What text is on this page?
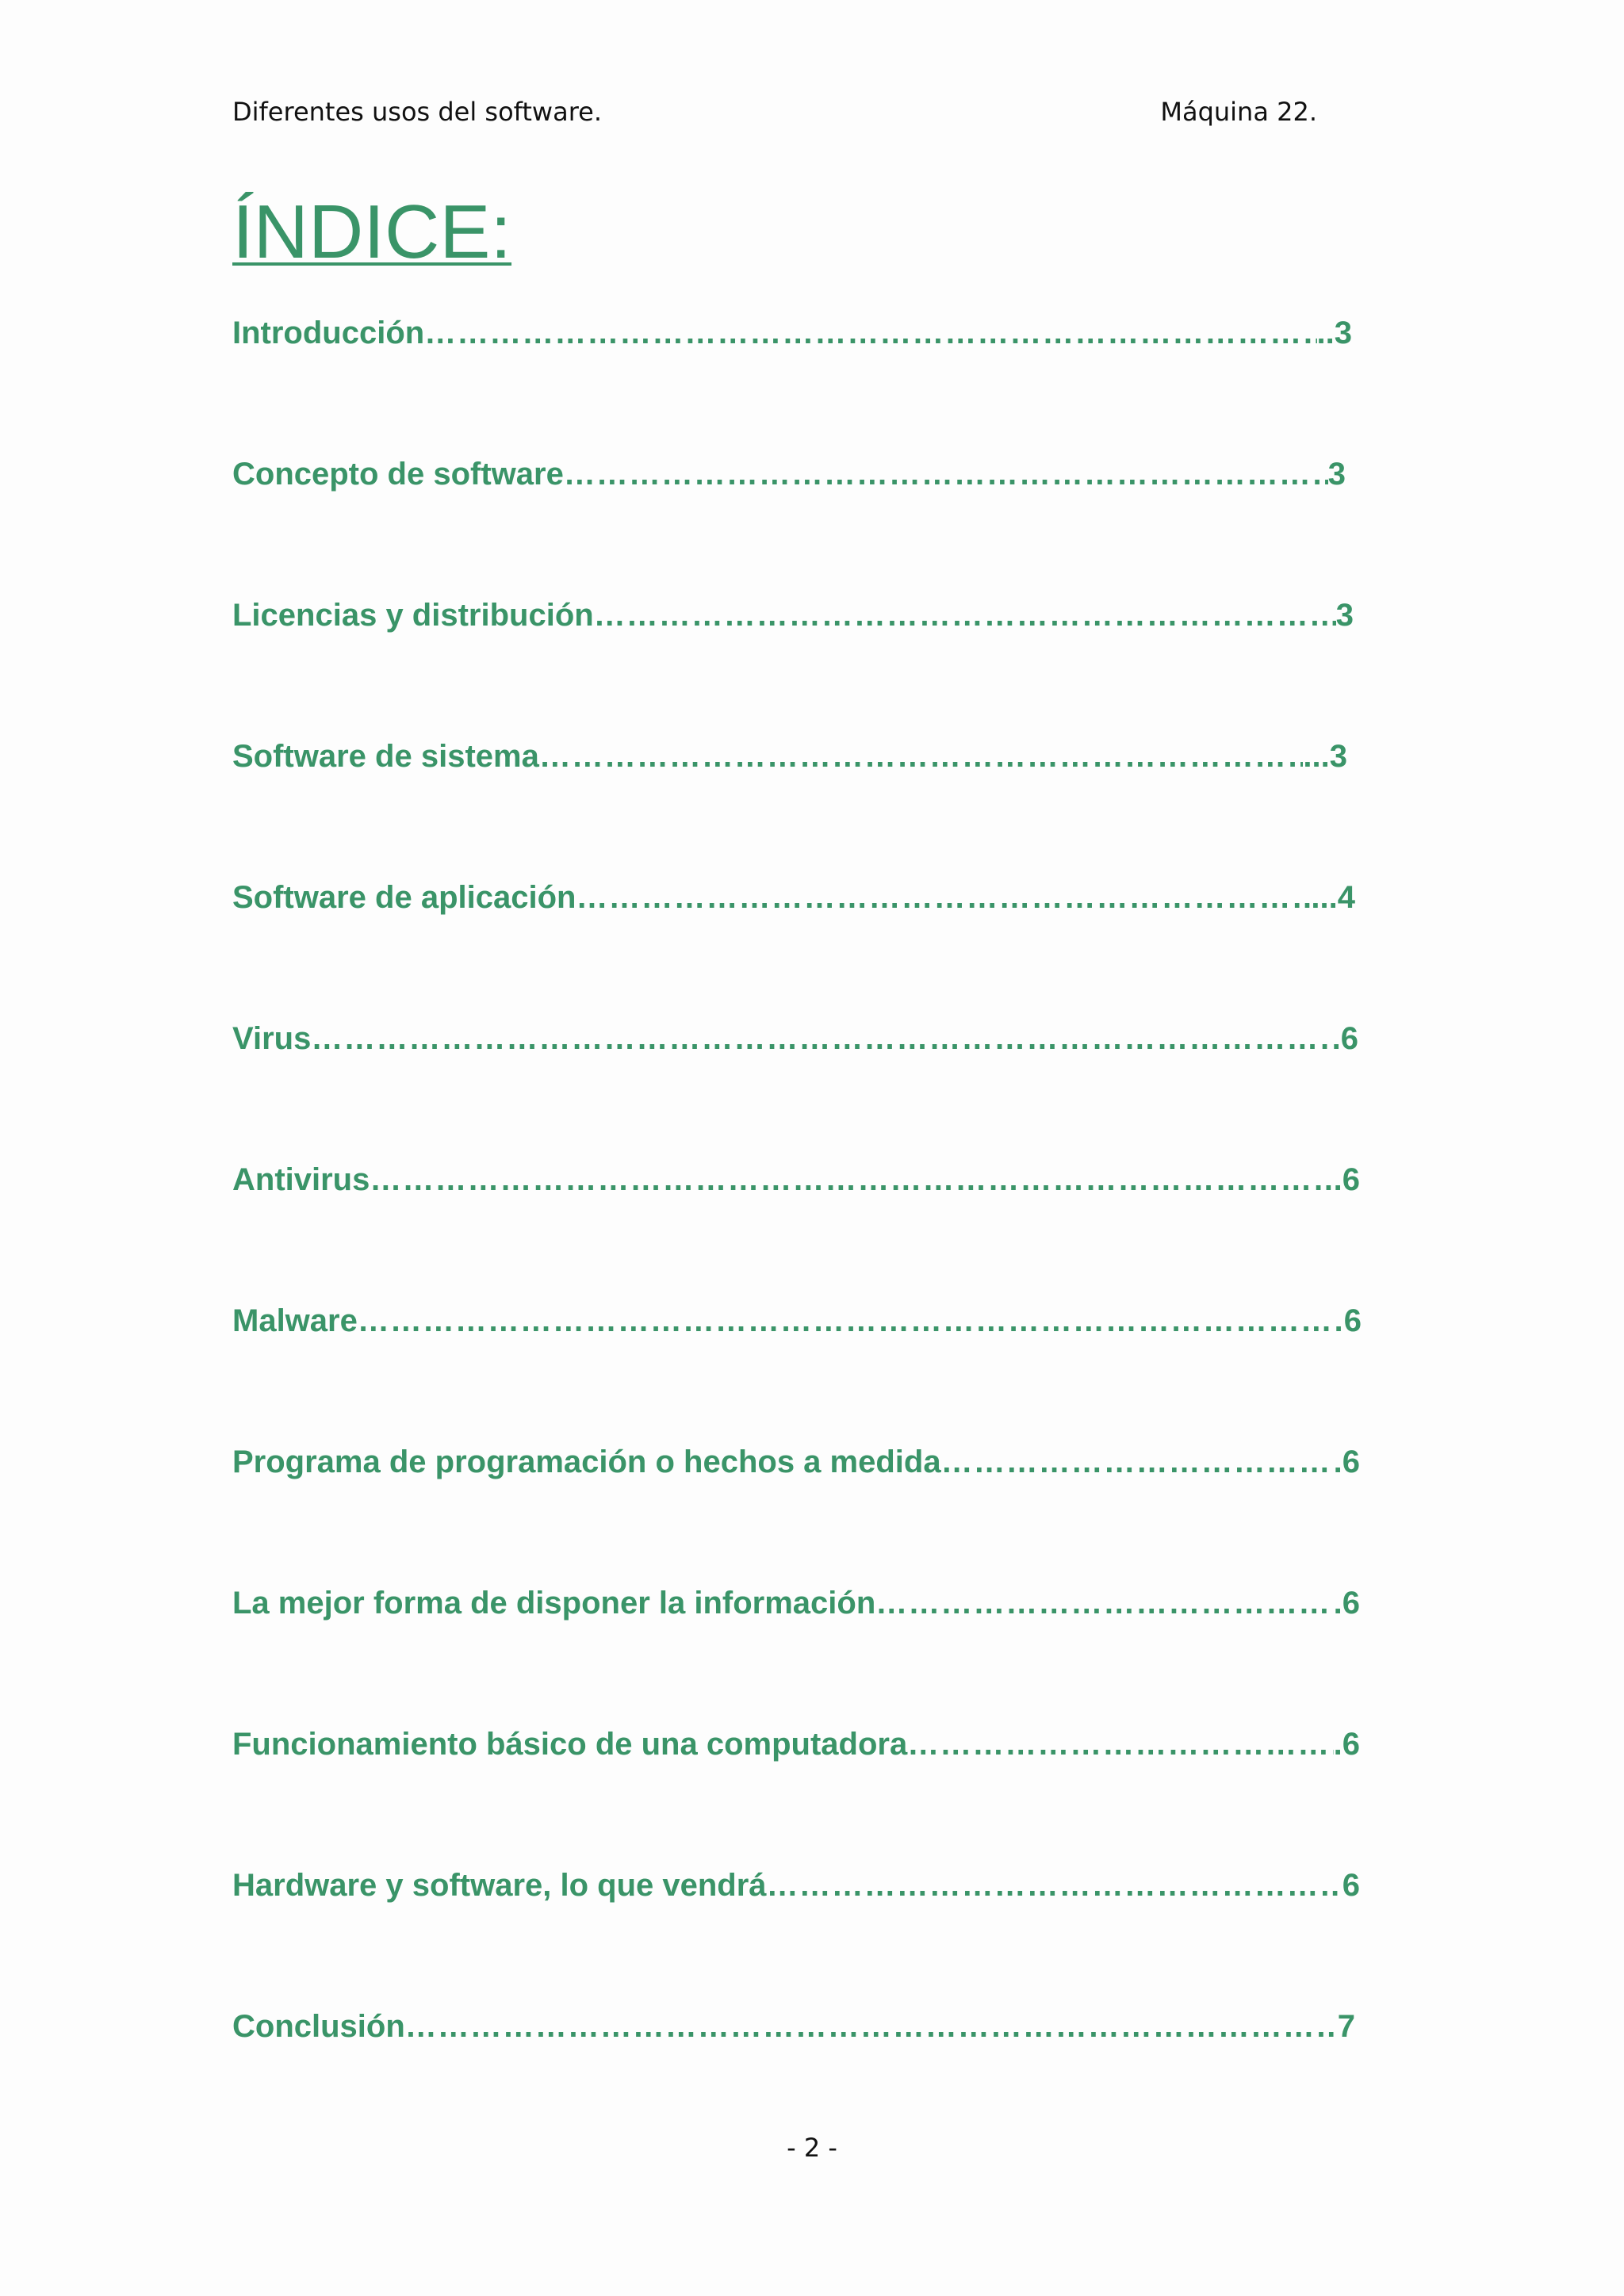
Diferentes usos del software.	Máquina 22.
ÍNDICE:
Introducción ………………………………………………………………………………………………………………………………………………………………………………………………………………………………………………	..3
Concepto de software ………………………………………………………………………………………………………………………………………………………………………………………………………………………………………………	3
Licencias y distribución ………………………………………………………………………………………………………………………………………………………………………………………………………………………………………………	3
Software de sistema ………………………………………………………………………………………………………………………………………………………………………………………………………………………………………………	...3
Software de aplicación ………………………………………………………………………………………………………………………………………………………………………………………………………………………………………………	...4
Virus ………………………………………………………………………………………………………………………………………………………………………………………………………………………………………………	.6
Antivirus ………………………………………………………………………………………………………………………………………………………………………………………………………………………………………………	.6
Malware ………………………………………………………………………………………………………………………………………………………………………………………………………………………………………………	6
Programa de programación o hechos a medida ………………………………………………………………………………………………………………………………………………………………………………………………………………………………………………	.6
La mejor forma de disponer la información ………………………………………………………………………………………………………………………………………………………………………………………………………………………………………………	.6
Funcionamiento básico de una computadora ………………………………………………………………………………………………………………………………………………………………………………………………………………………………………………	.6
Hardware y software, lo que vendrá ………………………………………………………………………………………………………………………………………………………………………………………………………………………………………………	6
Conclusión ………………………………………………………………………………………………………………………………………………………………………………………………………………………………………………	7
- 2 -
